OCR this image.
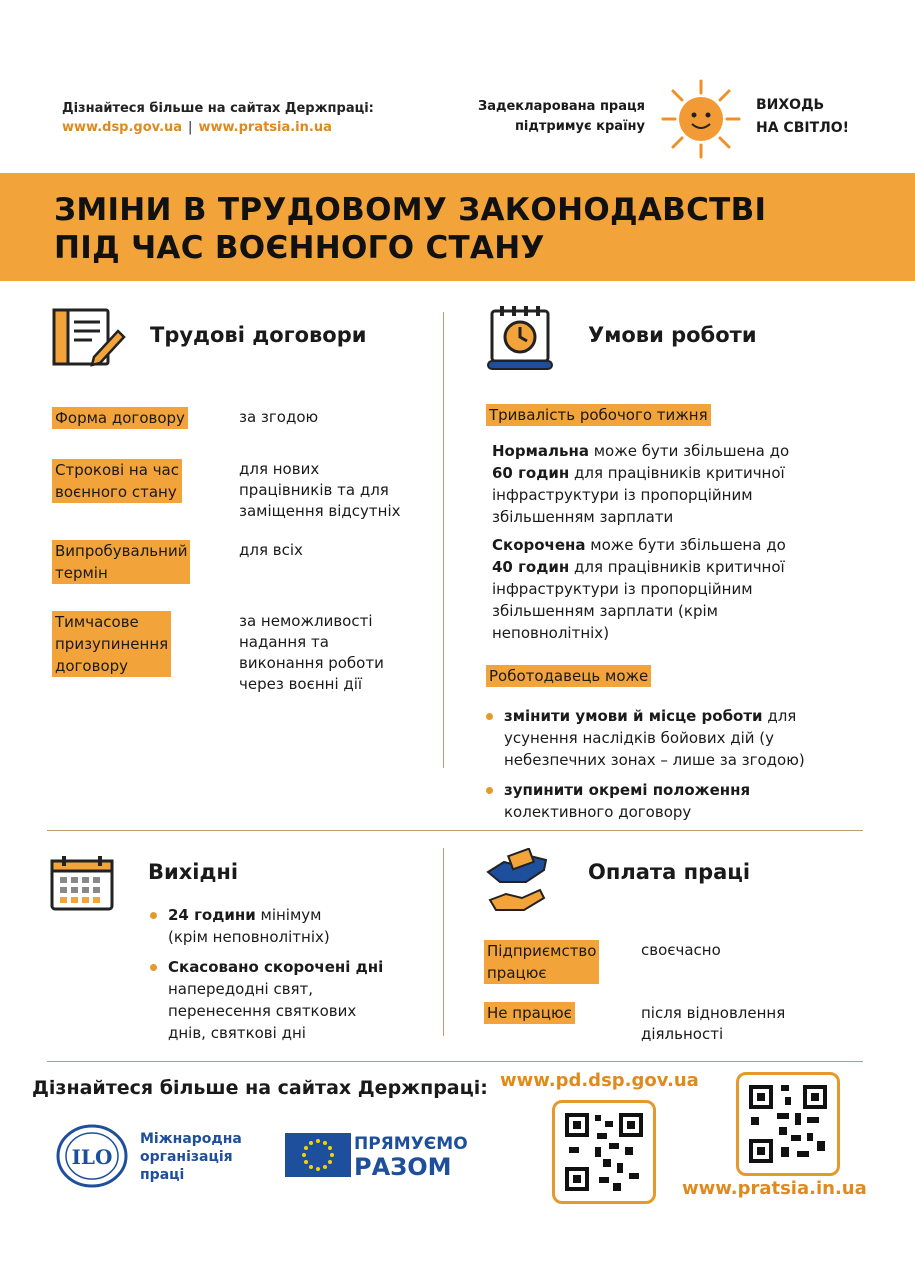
Дізнайтеся більше на сайтах Держпраці:
www.dsp.gov.ua | www.pratsia.in.ua
Задекларована праця
підтримує країну
ВИХОДЬ
НА СВІТЛО!
ЗМІНИ В ТРУДОВОМУ ЗАКОНОДАВСТВІ
ПІД ЧАС ВОЄННОГО СТАНУ
Трудові договори
Форма договору	за згодою
Строкові на час
воєнного стану
для нових
працівників та для
заміщення відсутніх
Випробувальний
термін
для всіх
Тимчасове
призупинення
договору
за неможливості
надання та
виконання роботи
через воєнні дії
Умови роботи
Тривалість робочого тижня
Нормальна може бути збільшена до
60 годин для працівників критичної
інфраструктури із пропорційним
збільшенням зарплати
Скорочена може бути збільшена до
40 годин для працівників критичної
інфраструктури із пропорційним
збільшенням зарплати (крім
неповнолітніх)
Роботодавець може
змінити умови й місце роботи для
усунення наслідків бойових дій (у
небезпечних зонах – лише за згодою)
зупинити окремі положення
колективного договору
Вихідні
24 години мінімум
(крім неповнолітніх)
Скасовано скорочені дні
напередодні свят,
перенесення святкових
днів, святкові дні
Оплата праці
Підприємство
працює
своєчасно
Не працює	після відновлення
діяльності
Дізнайтеся більше на сайтах Держпраці: www.pd.dsp.gov.ua
www.pratsia.in.ua
ILO
Міжнародна
організація
праці
ПРЯМУЄМО
РАЗОМ
